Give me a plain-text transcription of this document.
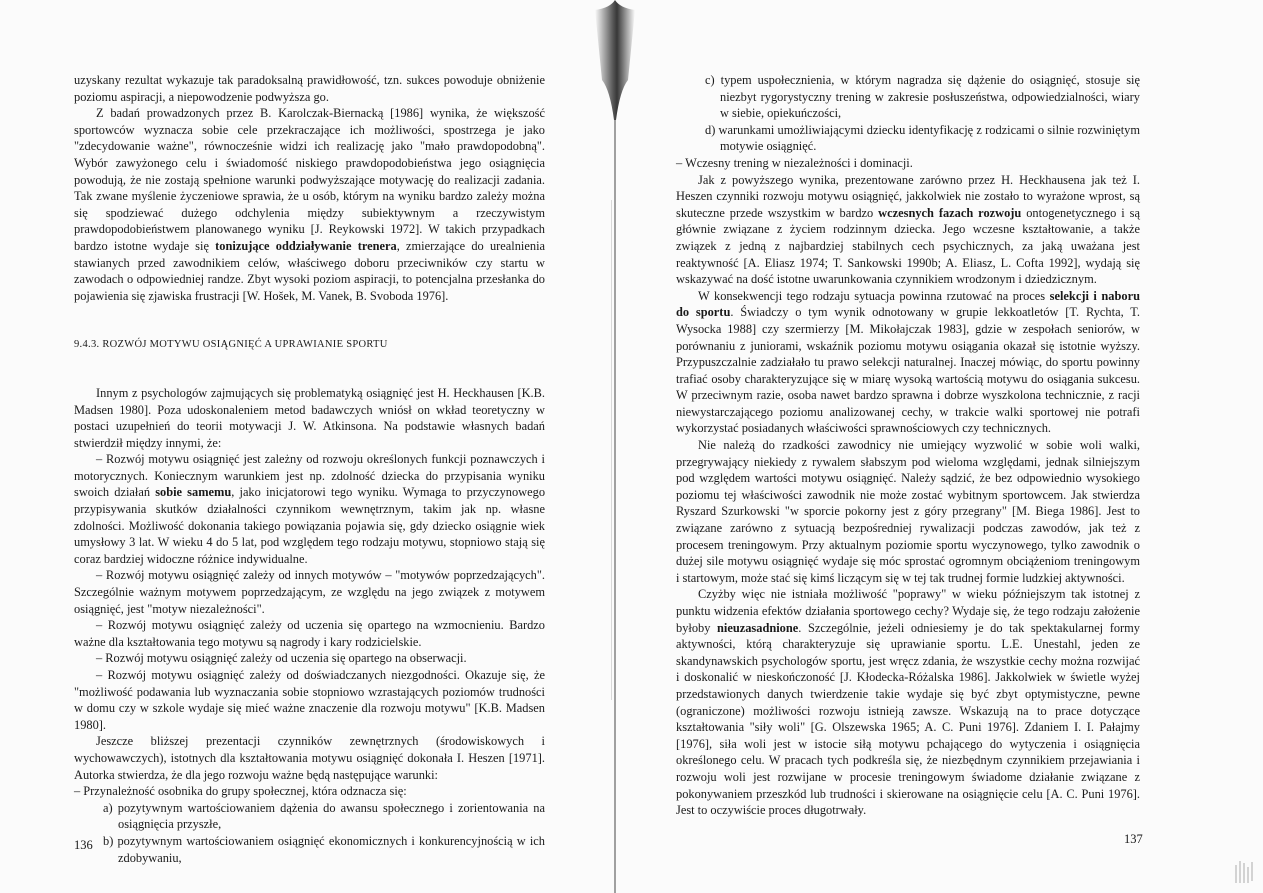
uzyskany rezultat wykazuje tak paradoksalną prawidłowość, tzn. sukces powoduje obniżenie poziomu aspiracji, a niepowodzenie podwyższa go.

Z badań prowadzonych przez B. Karolczak-Biernacką [1986] wynika, że większość sportowców wyznacza sobie cele przekraczające ich możliwości, spostrzega je jako "zdecydowanie ważne", równocześnie widzi ich realizację jako "mało prawdopodobną". Wybór zawyżonego celu i świadomość niskiego prawdopodobieństwa jego osiągnięcia powodują, że nie zostają spełnione warunki podwyższające motywację do realizacji zadania. Tak zwane myślenie życzeniowe sprawia, że u osób, którym na wyniku bardzo zależy można się spodziewać dużego odchylenia między subiektywnym a rzeczywistym prawdopodobieństwem planowanego wyniku [J. Reykowski 1972]. W takich przypadkach bardzo istotne wydaje się tonizujące oddziaływanie trenera, zmierzające do urealnienia stawianych przed zawodnikiem celów, właściwego doboru przeciwników czy startu w zawodach o odpowiedniej randze. Zbyt wysoki poziom aspiracji, to potencjalna przesłanka do pojawienia się zjawiska frustracji [W. Hošek, M. Vanek, B. Svoboda 1976].

9.4.3. ROZWÓJ MOTYWU OSIĄGNIĘĆ A UPRAWIANIE SPORTU

Innym z psychologów zajmujących się problematyką osiągnięć jest H. Heckhausen [K.B. Madsen 1980]. Poza udoskonaleniem metod badawczych wniósł on wkład teoretyczny w postaci uzupełnień do teorii motywacji J. W. Atkinsona. Na podstawie własnych badań stwierdził między innymi, że:

– Rozwój motywu osiągnięć jest zależny od rozwoju określonych funkcji poznawczych i motorycznych. Koniecznym warunkiem jest np. zdolność dziecka do przypisania wyniku swoich działań sobie samemu, jako inicjatorowi tego wyniku. Wymaga to przyczynowego przypisywania skutków działalności czynnikom wewnętrznym, takim jak np. własne zdolności. Możliwość dokonania takiego powiązania pojawia się, gdy dziecko osiągnie wiek umysłowy 3 lat. W wieku 4 do 5 lat, pod względem tego rodzaju motywu, stopniowo stają się coraz bardziej widoczne różnice indywidualne.

– Rozwój motywu osiągnięć zależy od innych motywów – "motywów poprzedzających". Szczególnie ważnym motywem poprzedzającym, ze względu na jego związek z motywem osiągnięć, jest "motyw niezależności".

– Rozwój motywu osiągnięć zależy od uczenia się opartego na wzmocnieniu. Bardzo ważne dla kształtowania tego motywu są nagrody i kary rodzicielskie.

– Rozwój motywu osiągnięć zależy od uczenia się opartego na obserwacji.

– Rozwój motywu osiągnięć zależy od doświadczanych niezgodności. Okazuje się, że "możliwość podawania lub wyznaczania sobie stopniowo wzrastających poziomów trudności w domu czy w szkole wydaje się mieć ważne znaczenie dla rozwoju motywu" [K.B. Madsen 1980].

Jeszcze bliższej prezentacji czynników zewnętrznych (środowiskowych i wychowawczych), istotnych dla kształtowania motywu osiągnięć dokonała I. Heszen [1971]. Autorka stwierdza, że dla jego rozwoju ważne będą następujące warunki:

– Przynależność osobnika do grupy społecznej, która odznacza się:

a) pozytywnym wartościowaniem dążenia do awansu społecznego i zorientowania na osiągnięcia przyszłe,

b) pozytywnym wartościowaniem osiągnięć ekonomicznych i konkurencyjnością w ich zdobywaniu,

136

c) typem uspołecznienia, w którym nagradza się dążenie do osiągnięć, stosuje się niezbyt rygorystyczny trening w zakresie posłuszeństwa, odpowiedzialności, wiary w siebie, opiekuńczości,

d) warunkami umożliwiającymi dziecku identyfikację z rodzicami o silnie rozwiniętym motywie osiągnięć.

– Wczesny trening w niezależności i dominacji.

Jak z powyższego wynika, prezentowane zarówno przez H. Heckhausena jak też I. Heszen czynniki rozwoju motywu osiągnięć, jakkolwiek nie zostało to wyrażone wprost, są skuteczne przede wszystkim w bardzo wczesnych fazach rozwoju ontogenetycznego i są głównie związane z życiem rodzinnym dziecka. Jego wczesne kształtowanie, a także związek z jedną z najbardziej stabilnych cech psychicznych, za jaką uważana jest reaktywność [A. Eliasz 1974; T. Sankowski 1990b; A. Eliasz, L. Cofta 1992], wydają się wskazywać na dość istotne uwarunkowania czynnikiem wrodzonym i dziedzicznym.

W konsekwencji tego rodzaju sytuacja powinna rzutować na proces selekcji i naboru do sportu. Świadczy o tym wynik odnotowany w grupie lekkoatletów [T. Rychta, T. Wysocka 1988] czy szermierzy [M. Mikołajczak 1983], gdzie w zespołach seniorów, w porównaniu z juniorami, wskaźnik poziomu motywu osiągania okazał się istotnie wyższy. Przypuszczalnie zadziałało tu prawo selekcji naturalnej. Inaczej mówiąc, do sportu powinny trafiać osoby charakteryzujące się w miarę wysoką wartością motywu do osiągania sukcesu. W przeciwnym razie, osoba nawet bardzo sprawna i dobrze wyszkolona technicznie, z racji niewystarczającego poziomu analizowanej cechy, w trakcie walki sportowej nie potrafi wykorzystać posiadanych właściwości sprawnościowych czy technicznych.

Nie należą do rzadkości zawodnicy nie umiejący wyzwolić w sobie woli walki, przegrywający niekiedy z rywalem słabszym pod wieloma względami, jednak silniejszym pod względem wartości motywu osiągnięć. Należy sądzić, że bez odpowiednio wysokiego poziomu tej właściwości zawodnik nie może zostać wybitnym sportowcem. Jak stwierdza Ryszard Szurkowski "w sporcie pokorny jest z góry przegrany" [M. Biega 1986]. Jest to związane zarówno z sytuacją bezpośredniej rywalizacji podczas zawodów, jak też z procesem treningowym. Przy aktualnym poziomie sportu wyczynowego, tylko zawodnik o dużej sile motywu osiągnięć wydaje się móc sprostać ogromnym obciążeniom treningowym i startowym, może stać się kimś liczącym się w tej tak trudnej formie ludzkiej aktywności.

Czyżby więc nie istniała możliwość "poprawy" w wieku późniejszym tak istotnej z punktu widzenia efektów działania sportowego cechy? Wydaje się, że tego rodzaju założenie byłoby nieuzasadnione. Szczególnie, jeżeli odniesiemy je do tak spektakularnej formy aktywności, którą charakteryzuje się uprawianie sportu. L.E. Unestahl, jeden ze skandynawskich psychologów sportu, jest wręcz zdania, że wszystkie cechy można rozwijać i doskonalić w nieskończoność [J. Kłodecka-Różalska 1986]. Jakkolwiek w świetle wyżej przedstawionych danych twierdzenie takie wydaje się być zbyt optymistyczne, pewne (ograniczone) możliwości rozwoju istnieją zawsze. Wskazują na to prace dotyczące kształtowania "siły woli" [G. Olszewska 1965; A. C. Puni 1976]. Zdaniem I. I. Pałajmy [1976], siła woli jest w istocie siłą motywu pchającego do wytyczenia i osiągnięcia określonego celu. W pracach tych podkreśla się, że niezbędnym czynnikiem przejawiania i rozwoju woli jest rozwijane w procesie treningowym świadome działanie związane z pokonywaniem przeszkód lub trudności i skierowane na osiągnięcie celu [A. C. Puni 1976]. Jest to oczywiście proces długotrwały.

137
